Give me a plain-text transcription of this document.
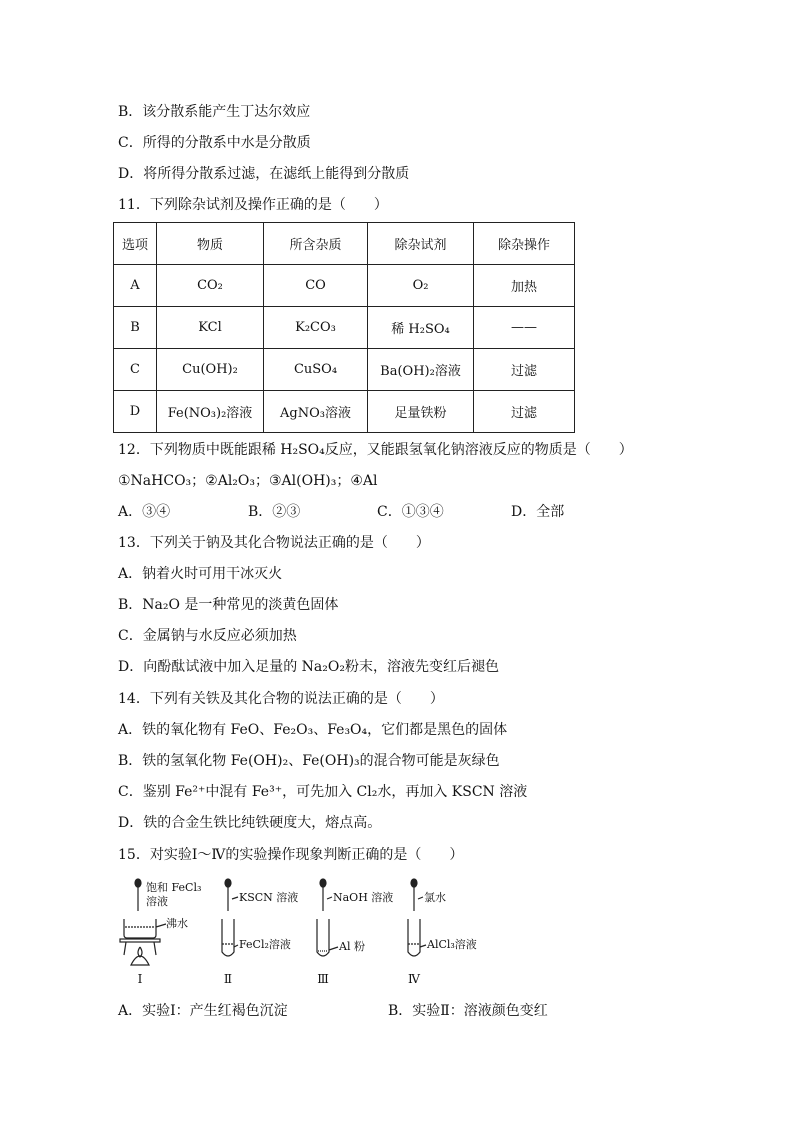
B．该分散系能产生丁达尔效应
C．所得的分散系中水是分散质
D．将所得分散系过滤，在滤纸上能得到分散质
11．下列除杂试剂及操作正确的是（　　）
选项	物质	所含杂质	除杂试剂	除杂操作
A	CO₂	CO	O₂	加热
B	KCl	K₂CO₃	稀 H₂SO₄	——
C	Cu(OH)₂	CuSO₄	Ba(OH)₂溶液	过滤
D	Fe(NO₃)₂溶液	AgNO₃溶液	足量铁粉	过滤
12．下列物质中既能跟稀 H₂SO₄反应，又能跟氢氧化钠溶液反应的物质是（　　）
①NaHCO₃；②Al₂O₃；③Al(OH)₃；④Al
A．③④	B．②③	C．①③④	D．全部
13．下列关于钠及其化合物说法正确的是（　　）
A．钠着火时可用干冰灭火
B．Na₂O 是一种常见的淡黄色固体
C．金属钠与水反应必须加热
D．向酚酞试液中加入足量的 Na₂O₂粉末，溶液先变红后褪色
14．下列有关铁及其化合物的说法正确的是（　　）
A．铁的氧化物有 FeO、Fe₂O₃、Fe₃O₄，它们都是黑色的固体
B．铁的氢氧化物 Fe(OH)₂、Fe(OH)₃的混合物可能是灰绿色
C．鉴别 Fe²⁺中混有 Fe³⁺，可先加入 Cl₂水，再加入 KSCN 溶液
D．铁的合金生铁比纯铁硬度大，熔点高。
15．对实验Ⅰ～Ⅳ的实验操作现象判断正确的是（　　）
饱和 FeCl₃
溶液
沸水
KSCN 溶液
FeCl₂溶液
NaOH 溶液
Al 粉
氯水
AlCl₃溶液
Ⅰ	Ⅱ	Ⅲ	Ⅳ
A．实验Ⅰ：产生红褐色沉淀	B．实验Ⅱ：溶液颜色变红
